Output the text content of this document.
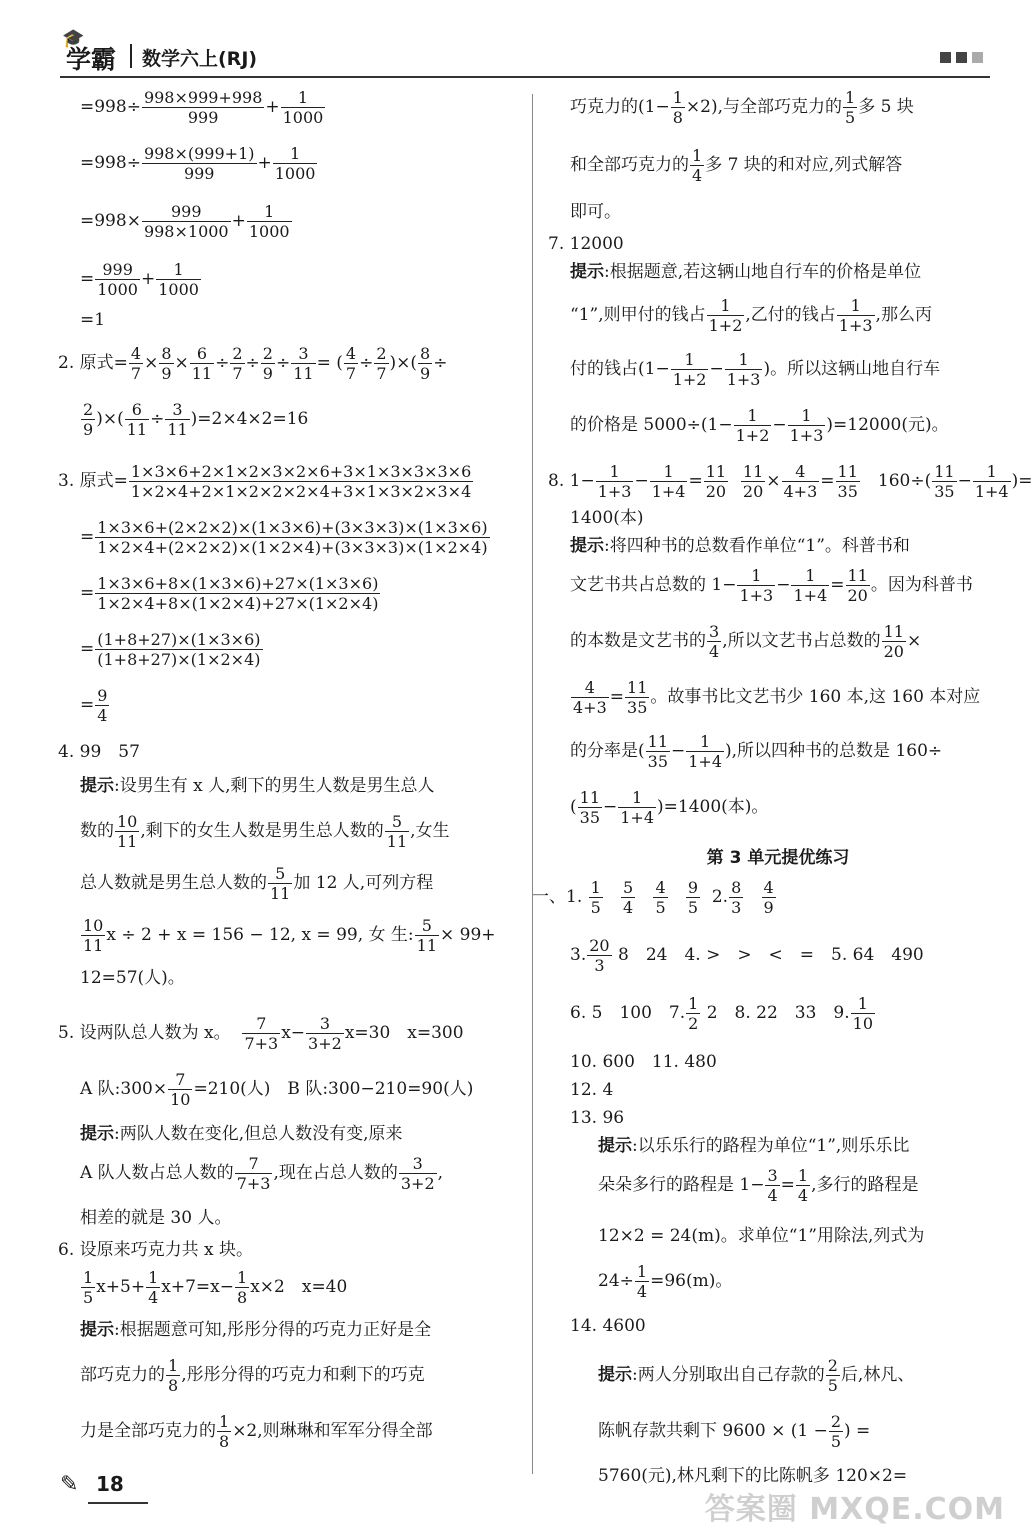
🎓
学霸 数学六上(RJ)
$=998\div \frac{998\times 999+998}{999} + \frac{1}{1000}$
$=998\div \frac{998\times(999+1)}{999} + \frac{1}{1000}$
$=998\times \frac{999}{998\times 1000} + \frac{1}{1000}$
= $\frac{999}{1000} + \frac{1}{1000}$
=1
2. 原式= $\frac{4}{7} \times \frac{8}{9} \times \frac{6}{11} \div \frac{2}{7} \div \frac{2}{9} \div \frac{3}{11}$ = ( $\frac{4}{7} \div \frac{2}{7}$ )×( $\frac{8}{9}$ ÷
$\frac{2}{9}$ )×( $\frac{6}{11} \div \frac{3}{11} )=2\times 4\times 2=16$
3. 原式= $\frac{1\times 3\times 6+2\times 1\times 2\times 3\times 2\times 6+3\times 1\times 3\times 3\times 3\times 6}{1\times 2\times 4+2\times 1\times 2\times 2\times 2\times 4+3\times 1\times 3\times 2\times 3\times 4}$
= $\frac{1\times 3\times 6+(2\times 2\times 2)\times(1\times 3\times 6)+(3\times 3\times 3)\times(1\times 3\times 6)}{1\times 2\times 4+(2\times 2\times 2)\times(1\times 2\times 4)+(3\times 3\times 3)\times(1\times 2\times 4)}$
= $\frac{1\times 3\times 6+8\times(1\times 3\times 6)+27\times(1\times 3\times 6)}{1\times 2\times 4+8\times(1\times 2\times 4)+27\times(1\times 2\times 4)}$
= $\frac{(1+8+27)\times(1\times 3\times 6)}{(1+8+27)\times(1\times 2\times 4)}$
= $\frac{9}{4}$
4. 99　57
提示:设男生有 x 人,剩下的男生人数是男生总人
数的 $\frac{10}{11}$ ,剩下的女生人数是男生总人数的 $\frac{5}{11}$ ,女生
总人数就是男生总人数的 $\frac{5}{11}$ 加 12 人,可列方程
$\frac{10}{11}$ x ÷ 2 + x = 156 − 12, x = 99, 女 生: $\frac{5}{11} \times 99+$
12=57(人)。
5. 设两队总人数为 x。 $\frac{7}{7+3} x- \frac{3}{3+2} x=30$　x=300
A 队:300× $\frac{7}{10} =210$(人)　B 队:300−210=90(人)
提示:两队人数在变化,但总人数没有变,原来
A 队人数占总人数的 $\frac{7}{7+3}$ ,现在占总人数的 $\frac{3}{3+2}$ ,
相差的就是 30 人。
6. 设原来巧克力共 x 块。
$\frac{1}{5} x+5+ \frac{1}{4} x+7=x- \frac{1}{8} x\times 2$　x=40
提示:根据题意可知,彤彤分得的巧克力正好是全
部巧克力的 $\frac{1}{8}$ ,彤彤分得的巧克力和剩下的巧克
力是全部巧克力的 $\frac{1}{8} \times 2$,则琳琳和军军分得全部
巧克力的$(1- \frac{1}{8} \times 2)$,与全部巧克力的 $\frac{1}{5}$ 多 5 块
和全部巧克力的 $\frac{1}{4}$ 多 7 块的和对应,列式解答
即可。
7. 12000
提示:根据题意,若这辆山地自行车的价格是单位
“1”,则甲付的钱占 $\frac{1}{1+2}$ ,乙付的钱占 $\frac{1}{1+3}$ ,那么丙
付的钱占($1- \frac{1}{1+2} - \frac{1}{1+3}$ )。所以这辆山地自行车
的价格是 $5000\div(1- \frac{1}{1+2} - \frac{1}{1+3} )=12000$(元)。
8. $1- \frac{1}{1+3} - \frac{1}{1+4} = \frac{11}{20}$
$\frac{11}{20} \times \frac{4}{4+3} = \frac{11}{35}$ 　$160\div( \frac{11}{35} - \frac{1}{1+4}$ )=
1400(本)
提示:将四种书的总数看作单位“1”。科普书和
文艺书共占总数的 $1- \frac{1}{1+3} - \frac{1}{1+4} = \frac{11}{20}$ 。因为科普书
的本数是文艺书的 $\frac{3}{4}$ ,所以文艺书占总数的 $\frac{11}{20}$ ×
$\frac{4}{4+3} = \frac{11}{35}$ 。故事书比文艺书少 160 本,这 160 本对应
的分率是( $\frac{11}{35} - \frac{1}{1+4}$ ),所以四种书的总数是 160÷
( $\frac{11}{35} - \frac{1}{1+4} )=1400$(本)。
第 3 单元提优练习
一、1. $\frac{1}{5}$
$\frac{5}{4}$
$\frac{4}{5}$
$\frac{9}{5} 2$. $\frac{8}{3}$
$\frac{4}{9}$
3. $\frac{20}{3} 8$　24　4. >　>　<　=　5. 64　490
6. 5　100　7. $\frac{1}{2} 2$　8. 22　33　9. $\frac{1}{10}$
10. 600　11. 480
12. 4
13. 96
提示:以乐乐行的路程为单位“1”,则乐乐比
朵朵多行的路程是 $1- \frac{3}{4} = \frac{1}{4}$ ,多行的路程是
12×2 = 24(m)。求单位“1”用除法,列式为
$24\div \frac{1}{4} =96(m)$。
14. 4600
提示:两人分别取出自己存款的 $\frac{2}{5}$ 后,林凡、
陈帆存款共剩下 $9600 \times (1 - \frac{2}{5}$ ) =
5760(元),林凡剩下的比陈帆多 120×2=
✎ 18
答案圈 MXQE.COM
